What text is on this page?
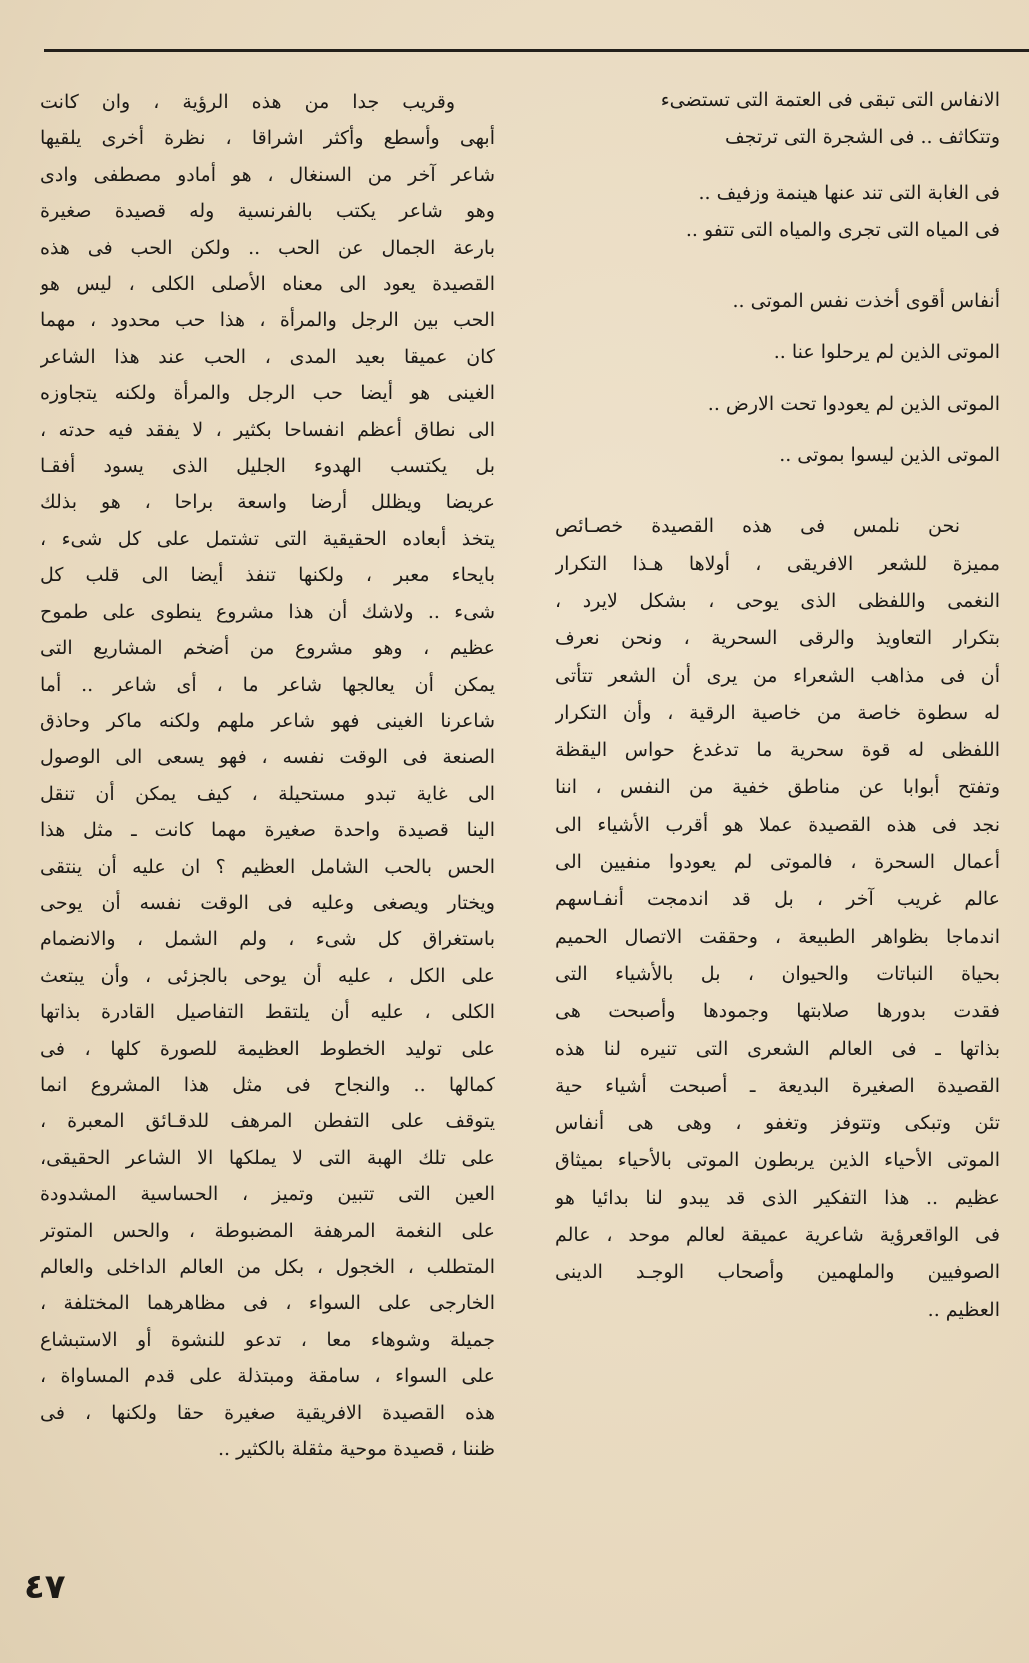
الانفاس التى تبقى فى العتمة التى تستضىء
وتتكاثف .. فى الشجرة التى ترتجف
فى الغابة التى تند عنها هينمة وزفيف ..
فى المياه التى تجرى والمياه التى تتفو ..
أنفاس أقوى أخذت نفس الموتى ..
الموتى الذين لم يرحلوا عنا ..
الموتى الذين لم يعودوا تحت الارض ..
الموتى الذين ليسوا بموتى ..
نحن نلمس فى هذه القصيدة خصـائص
مميزة للشعر الافريقى ، أولاها هـذا التكرار
النغمى واللفظى الذى يوحى ، بشكل لايرد ،
بتكرار التعاويذ والرقى السحرية ، ونحن نعرف
أن فى مذاهب الشعراء من يرى أن الشعر تتأتى
له سطوة خاصة من خاصية الرقية ، وأن التكرار
اللفظى له قوة سحرية ما تدغدغ حواس اليقظة
وتفتح أبوابا عن مناطق خفية من النفس ، اننا
نجد فى هذه القصيدة عملا هو أقرب الأشياء الى
أعمال السحرة ، فالموتى لم يعودوا منفيين الى
عالم غريب آخر ، بل قد اندمجت أنفـاسهم
اندماجا بظواهر الطبيعة ، وحققت الاتصال الحميم
بحياة النباتات والحيوان ، بل بالأشياء التى
فقدت بدورها صلابتها وجمودها وأصبحت هى
بذاتها ـ فى العالم الشعرى التى تنيره لنا هذه
القصيدة الصغيرة البديعة ـ أصبحت أشياء حية
تئن وتبكى وتتوفز وتغفو ، وهى هى أنفاس
الموتى الأحياء الذين يربطون الموتى بالأحياء بميثاق
عظيم .. هذا التفكير الذى قد يبدو لنا بدائيا هو
فى الواقعرؤية شاعرية عميقة لعالم موحد ، عالم
الصوفيين والملهمين وأصحاب الوجـد الدينى
العظيم ..
وقريب جدا من هذه الرؤية ، وان كانت
أبهى وأسطع وأكثر اشراقا ، نظرة أخرى يلقيها
شاعر آخر من السنغال ، هو أمادو مصطفى وادى
وهو شاعر يكتب بالفرنسية وله قصيدة صغيرة
بارعة الجمال عن الحب .. ولكن الحب فى هذه
القصيدة يعود الى معناه الأصلى الكلى ، ليس هو
الحب بين الرجل والمرأة ، هذا حب محدود ، مهما
كان عميقا بعيد المدى ، الحب عند هذا الشاعر
الغينى هو أيضا حب الرجل والمرأة ولكنه يتجاوزه
الى نطاق أعظم انفساحا بكثير ، لا يفقد فيه حدته ،
بل يكتسب الهدوء الجليل الذى يسود أفقـا
عريضا ويظلل أرضا واسعة براحا ، هو بذلك
يتخذ أبعاده الحقيقية التى تشتمل على كل شىء ،
بايحاء معبر ، ولكنها تنفذ أيضا الى قلب كل
شىء .. ولاشك أن هذا مشروع ينطوى على طموح
عظيم ، وهو مشروع من أضخم المشاريع التى
يمكن أن يعالجها شاعر ما ، أى شاعر .. أما
شاعرنا الغينى فهو شاعر ملهم ولكنه ماكر وحاذق
الصنعة فى الوقت نفسه ، فهو يسعى الى الوصول
الى غاية تبدو مستحيلة ، كيف يمكن أن تنقل
الينا قصيدة واحدة صغيرة مهما كانت ـ مثل هذا
الحس بالحب الشامل العظيم ؟ ان عليه أن ينتقى
ويختار ويصغى وعليه فى الوقت نفسه أن يوحى
باستغراق كل شىء ، ولم الشمل ، والانضمام
على الكل ، عليه أن يوحى بالجزئى ، وأن يبتعث
الكلى ، عليه أن يلتقط التفاصيل القادرة بذاتها
على توليد الخطوط العظيمة للصورة كلها ، فى
كمالها .. والنجاح فى مثل هذا المشروع انما
يتوقف على التفطن المرهف للدقـائق المعبرة ،
على تلك الهبة التى لا يملكها الا الشاعر الحقيقى،
العين التى تتبين وتميز ، الحساسية المشدودة
على النغمة المرهفة المضبوطة ، والحس المتوتر
المتطلب ، الخجول ، بكل من العالم الداخلى والعالم
الخارجى على السواء ، فى مظاهرهما المختلفة ،
جميلة وشوهاء معا ، تدعو للنشوة أو الاستبشاع
على السواء ، سامقة ومبتذلة على قدم المساواة ،
هذه القصيدة الافريقية صغيرة حقا ولكنها ، فى
ظننا ، قصيدة موحية مثقلة بالكثير ..
٤٧
